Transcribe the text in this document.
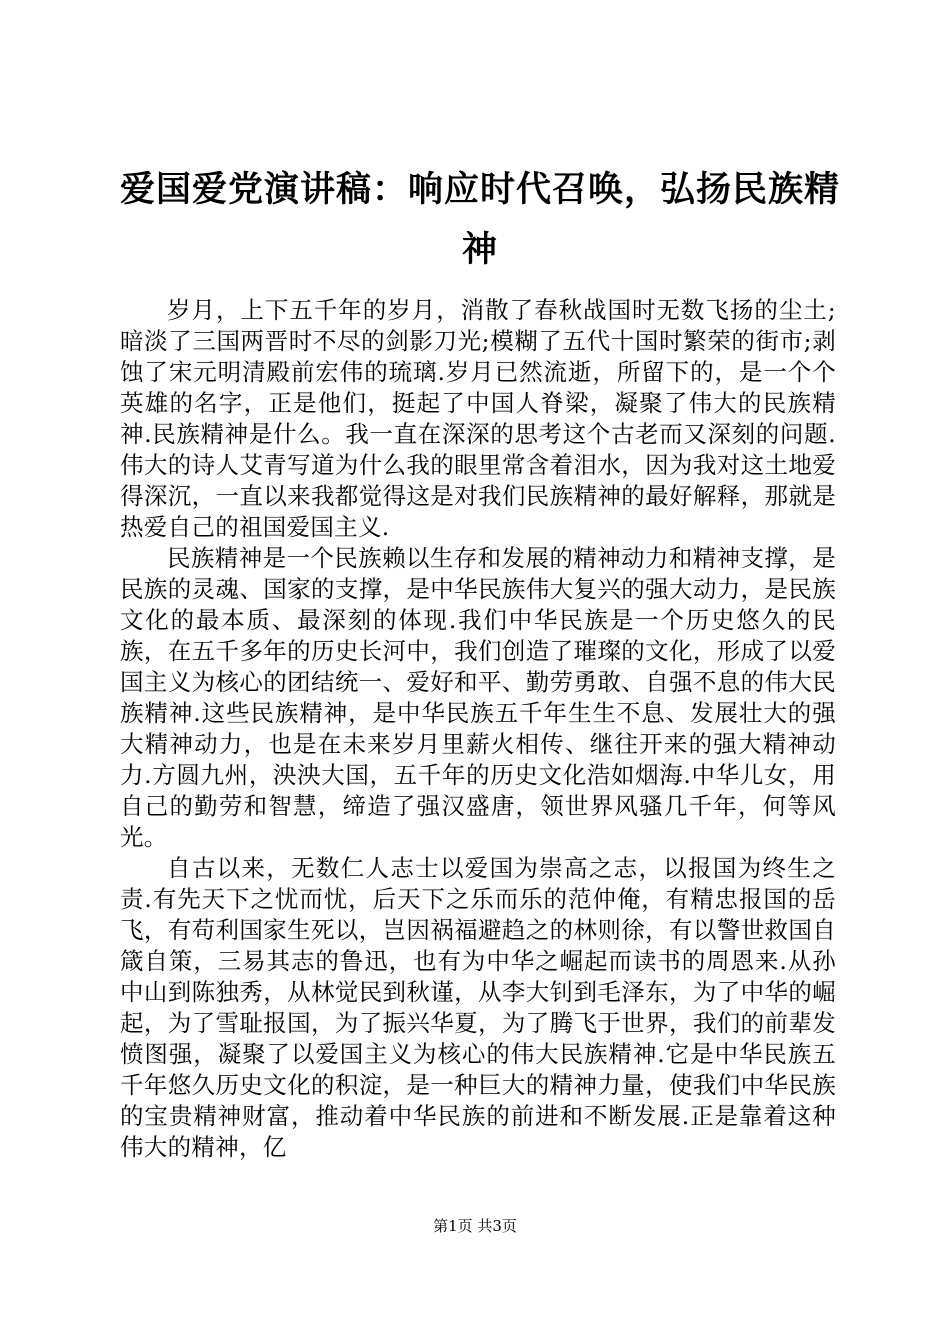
爱国爱党演讲稿：响应时代召唤，弘扬民族精神

岁月，上下五千年的岁月，消散了春秋战国时无数飞扬的尘土;暗淡了三国两晋时不尽的剑影刀光;模糊了五代十国时繁荣的街市;剥蚀了宋元明清殿前宏伟的琉璃.岁月已然流逝，所留下的，是一个个英雄的名字，正是他们，挺起了中国人脊梁，凝聚了伟大的民族精神.民族精神是什么。我一直在深深的思考这个古老而又深刻的问题.伟大的诗人艾青写道为什么我的眼里常含着泪水，因为我对这土地爱得深沉，一直以来我都觉得这是对我们民族精神的最好解释，那就是热爱自己的祖国爱国主义.

民族精神是一个民族赖以生存和发展的精神动力和精神支撑，是民族的灵魂、国家的支撑，是中华民族伟大复兴的强大动力，是民族文化的最本质、最深刻的体现.我们中华民族是一个历史悠久的民族，在五千多年的历史长河中，我们创造了璀璨的文化，形成了以爱国主义为核心的团结统一、爱好和平、勤劳勇敢、自强不息的伟大民族精神.这些民族精神，是中华民族五千年生生不息、发展壮大的强大精神动力，也是在未来岁月里薪火相传、继往开来的强大精神动力.方圆九州，泱泱大国，五千年的历史文化浩如烟海.中华儿女，用自己的勤劳和智慧，缔造了强汉盛唐，领世界风骚几千年，何等风光。

自古以来，无数仁人志士以爱国为崇高之志，以报国为终生之责.有先天下之忧而忧，后天下之乐而乐的范仲俺，有精忠报国的岳飞，有苟利国家生死以，岂因祸福避趋之的林则徐，有以警世救国自箴自策，三易其志的鲁迅，也有为中华之崛起而读书的周恩来.从孙中山到陈独秀，从林觉民到秋谨，从李大钊到毛泽东，为了中华的崛起，为了雪耻报国，为了振兴华夏，为了腾飞于世界，我们的前辈发愤图强，凝聚了以爱国主义为核心的伟大民族精神.它是中华民族五千年悠久历史文化的积淀，是一种巨大的精神力量，使我们中华民族的宝贵精神财富，推动着中华民族的前进和不断发展.正是靠着这种伟大的精神，亿

第1页 共3页
